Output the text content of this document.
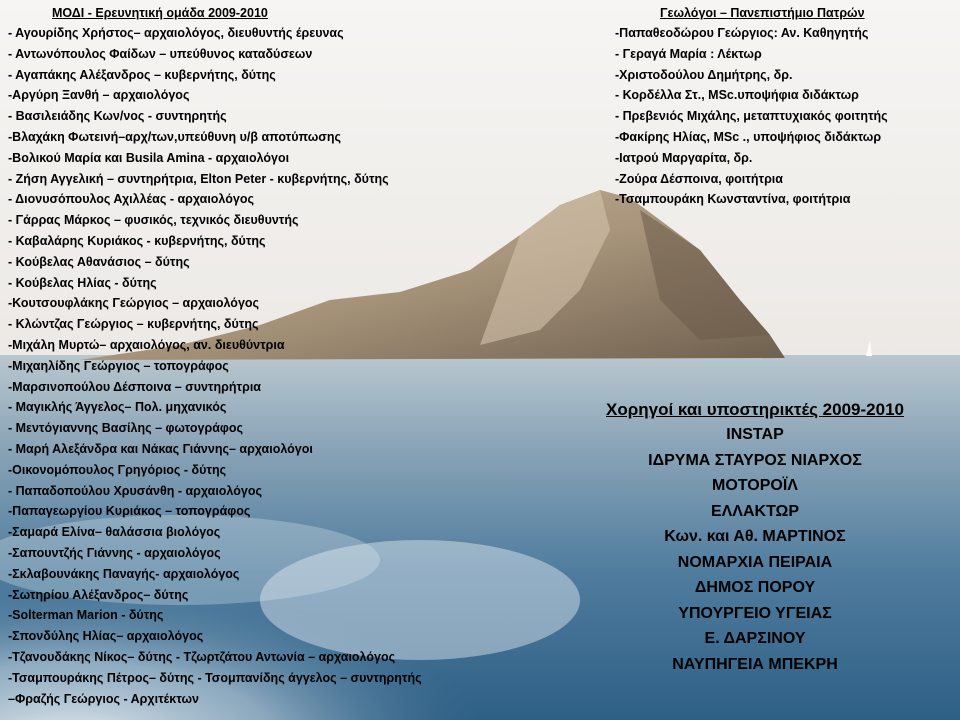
ΜΟΔΙ - Ερευνητική ομάδα 2009-2010
- Αγουρίδης Χρήστος– αρχαιολόγος, διευθυντής έρευνας
- Αντωνόπουλος Φαίδων – υπεύθυνος καταδύσεων
- Αγαπάκης Αλέξανδρος – κυβερνήτης, δύτης
-Αργύρη Ξανθή – αρχαιολόγος
- Βασιλειάδης Κων/νος - συντηρητής
-Βλαχάκη Φωτεινή–αρχ/των,υπεύθυνη υ/β αποτύπωσης
-Βολικού Μαρία και Busila Amina - αρχαιολόγοι
- Ζήση Αγγελική – συντηρήτρια, Elton Peter - κυβερνήτης, δύτης
- Διονυσόπουλος Αχιλλέας - αρχαιολόγος
- Γάρρας Μάρκος – φυσικός, τεχνικός διευθυντής
- Καβαλάρης Κυριάκος - κυβερνήτης, δύτης
- Κούβελας Αθανάσιος – δύτης
- Κούβελας Ηλίας - δύτης
-Κουτσουφλάκης Γεώργιος – αρχαιολόγος
- Κλώντζας Γεώργιος – κυβερνήτης, δύτης
-Μιχάλη Μυρτώ– αρχαιολόγος, αν. διευθύντρια
-Μιχαηλίδης Γεώργιος – τοπογράφος
-Μαρσινοπούλου Δέσποινα – συντηρήτρια
- Μαγικλής Άγγελος– Πολ. μηχανικός
- Μεντόγιαννης Βασίλης – φωτογράφος
- Μαρή Αλεξάνδρα και Νάκας Γιάννης– αρχαιολόγοι
-Οικονομόπουλος Γρηγόριος - δύτης
- Παπαδοπούλου Χρυσάνθη - αρχαιολόγος
-Παπαγεωργίου Κυριάκος – τοπογράφος
-Σαμαρά Ελίνα– θαλάσσια βιολόγος
-Σαπουντζής Γιάννης - αρχαιολόγος
-Σκλαβουνάκης Παναγής- αρχαιολόγος
-Σωτηρίου Αλέξανδρος– δύτης
-Solterman Marion - δύτης
-Σπονδύλης Ηλίας– αρχαιολόγος
-Τζανουδάκης Νίκος– δύτης - Τζωρτζάτου Αντωνία – αρχαιολόγος
-Τσαμπουράκης Πέτρος– δύτης - Τσομπανίδης άγγελος – συντηρητής
–Φραζής Γεώργιος - Αρχιτέκτων
Γεωλόγοι – Πανεπιστήμιο Πατρών
-Παπαθεοδώρου Γεώργιος: Αν. Καθηγητής
- Γεραγά Μαρία : Λέκτωρ
-Χριστοδούλου Δημήτρης, δρ.
- Κορδέλλα Στ., MSc.υποψήφια διδάκτωρ
- Πρεβενιός Μιχάλης, μεταπτυχιακός φοιτητής
-Φακίρης Ηλίας, MSc ., υποψήφιος διδάκτωρ
-Ιατρού Μαργαρίτα, δρ.
-Ζούρα Δέσποινα, φοιτήτρια
-Τσαμπουράκη Κωνσταντίνα, φοιτήτρια
Χορηγοί και υποστηρικτές 2009-2010
INSTAP
ΙΔΡΥΜΑ ΣΤΑΥΡΟΣ ΝΙΑΡΧΟΣ
ΜΟΤΟΡΟΪΛ
ΕΛΛΑΚΤΩΡ
Κων. και Αθ. ΜΑΡΤΙΝΟΣ
ΝΟΜΑΡΧΙΑ ΠΕΙΡΑΙΑ
ΔΗΜΟΣ ΠΟΡΟΥ
ΥΠΟΥΡΓΕΙΟ ΥΓΕΙΑΣ
Ε. ΔΑΡΣΙΝΟΥ
ΝΑΥΠΗΓΕΙΑ ΜΠΕΚΡΗ
